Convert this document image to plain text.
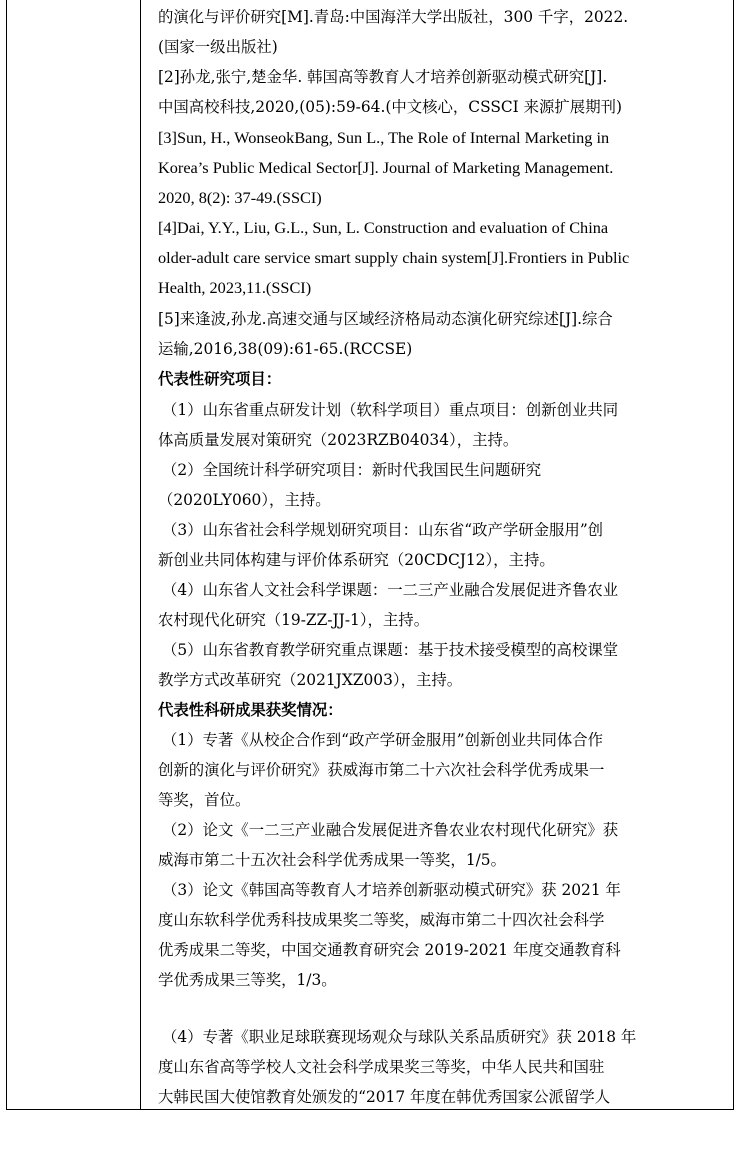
的演化与评价研究[M].青岛:中国海洋大学出版社，300 千字，2022.
(国家一级出版社)
[2]孙龙,张宁,楚金华. 韩国高等教育人才培养创新驱动模式研究[J].
中国高校科技,2020,(05):59-64.(中文核心，CSSCI 来源扩展期刊)
[3]Sun, H., WonseokBang, Sun L., The Role of Internal Marketing in
Korea’s Public Medical Sector[J]. Journal of Marketing Management.
2020, 8(2): 37-49.(SSCI)
[4]Dai, Y.Y., Liu, G.L., Sun, L. Construction and evaluation of China
older-adult care service smart supply chain system[J].Frontiers in Public
Health, 2023,11.(SSCI)
[5]来逢波,孙龙.高速交通与区域经济格局动态演化研究综述[J].综合
运输,2016,38(09):61-65.(RCCSE)
代表性研究项目：
（1）山东省重点研发计划（软科学项目）重点项目：创新创业共同
体高质量发展对策研究（2023RZB04034），主持。
（2）全国统计科学研究项目：新时代我国民生问题研究
（2020LY060），主持。
（3）山东省社会科学规划研究项目：山东省“政产学研金服用”创
新创业共同体构建与评价体系研究（20CDCJ12），主持。
（4）山东省人文社会科学课题：一二三产业融合发展促进齐鲁农业
农村现代化研究（19-ZZ-JJ-1），主持。
（5）山东省教育教学研究重点课题：基于技术接受模型的高校课堂
教学方式改革研究（2021JXZ003），主持。
代表性科研成果获奖情况：
（1）专著《从校企合作到“政产学研金服用”创新创业共同体合作
创新的演化与评价研究》获威海市第二十六次社会科学优秀成果一
等奖，首位。
（2）论文《一二三产业融合发展促进齐鲁农业农村现代化研究》获
威海市第二十五次社会科学优秀成果一等奖，1/5。
（3）论文《韩国高等教育人才培养创新驱动模式研究》获 2021 年
度山东软科学优秀科技成果奖二等奖，威海市第二十四次社会科学
优秀成果二等奖，中国交通教育研究会 2019-2021 年度交通教育科
学优秀成果三等奖，1/3。
（4）专著《职业足球联赛现场观众与球队关系品质研究》获 2018 年
度山东省高等学校人文社会科学成果奖三等奖，中华人民共和国驻
大韩民国大使馆教育处颁发的“2017 年度在韩优秀国家公派留学人
